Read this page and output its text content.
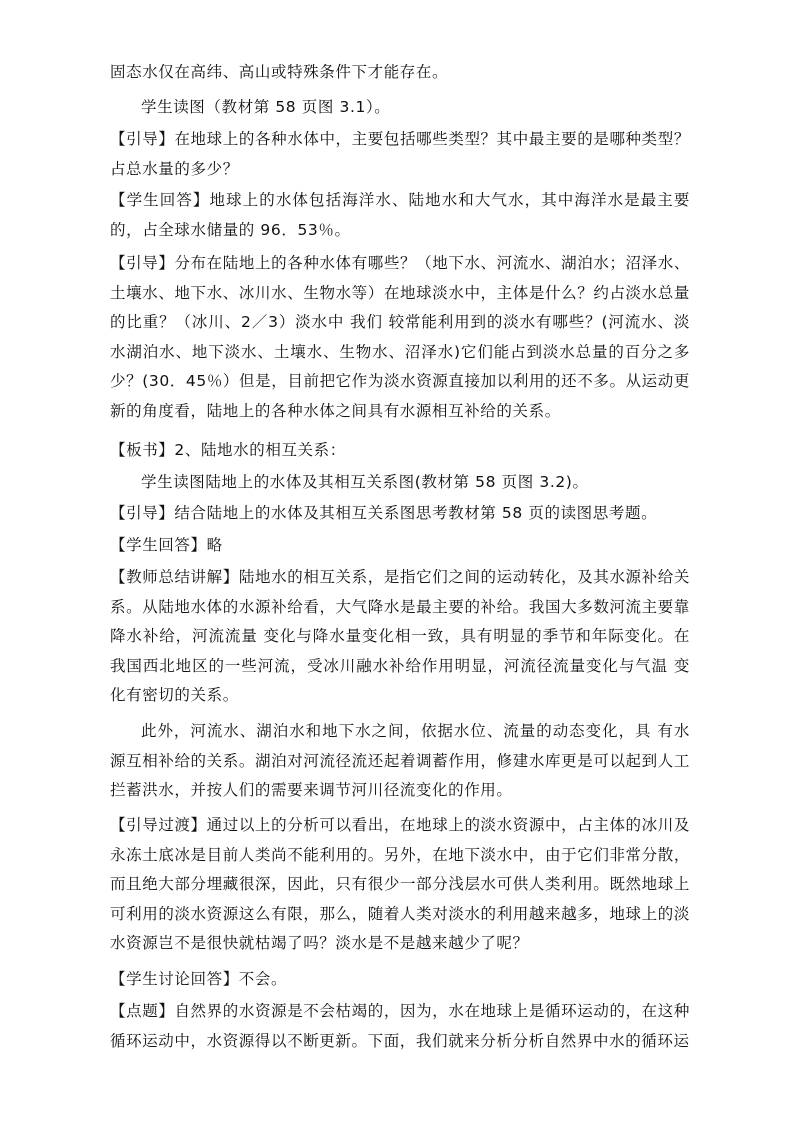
固态水仅在高纬、高山或特殊条件下才能存在。

学生读图（教材第 58 页图 3.1）。

【引导】在地球上的各种水体中，主要包括哪些类型？其中最主要的是哪种类型？占总水量的多少？

【学生回答】地球上的水体包括海洋水、陆地水和大气水，其中海洋水是最主要的，占全球水储量的 96．53％。

【引导】分布在陆地上的各种水体有哪些？（地下水、河流水、湖泊水；沼泽水、土壤水、地下水、冰川水、生物水等）在地球淡水中，主体是什么？约占淡水总量的比重？（冰川、2／3）淡水中 我们 较常能利用到的淡水有哪些？(河流水、淡水湖泊水、地下淡水、土壤水、生物水、沼泽水)它们能占到淡水总量的百分之多少？(30．45％）但是，目前把它作为淡水资源直接加以利用的还不多。从运动更新的角度看，陆地上的各种水体之间具有水源相互补给的关系。

【板书】2、陆地水的相互关系：

学生读图陆地上的水体及其相互关系图(教材第 58 页图 3.2)。

【引导】结合陆地上的水体及其相互关系图思考教材第 58 页的读图思考题。

【学生回答】略

【教师总结讲解】陆地水的相互关系，是指它们之间的运动转化，及其水源补给关系。从陆地水体的水源补给看，大气降水是最主要的补给。我国大多数河流主要靠降水补给，河流流量 变化与降水量变化相一致，具有明显的季节和年际变化。在我国西北地区的一些河流，受冰川融水补给作用明显，河流径流量变化与气温 变化有密切的关系。

此外，河流水、湖泊水和地下水之间，依据水位、流量的动态变化，具 有水源互相补给的关系。湖泊对河流径流还起着调蓄作用，修建水库更是可以起到人工拦蓄洪水，并按人们的需要来调节河川径流变化的作用。

【引导过渡】通过以上的分析可以看出，在地球上的淡水资源中，占主体的冰川及永冻土底冰是目前人类尚不能利用的。另外，在地下淡水中，由于它们非常分散，而且绝大部分埋藏很深，因此，只有很少一部分浅层水可供人类利用。既然地球上可利用的淡水资源这么有限，那么，随着人类对淡水的利用越来越多，地球上的淡水资源岂不是很快就枯竭了吗？淡水是不是越来越少了呢？

【学生讨论回答】不会。

【点题】自然界的水资源是不会枯竭的，因为，水在地球上是循环运动的，在这种循环运动中，水资源得以不断更新。下面，我们就来分析分析自然界中水的循环运
